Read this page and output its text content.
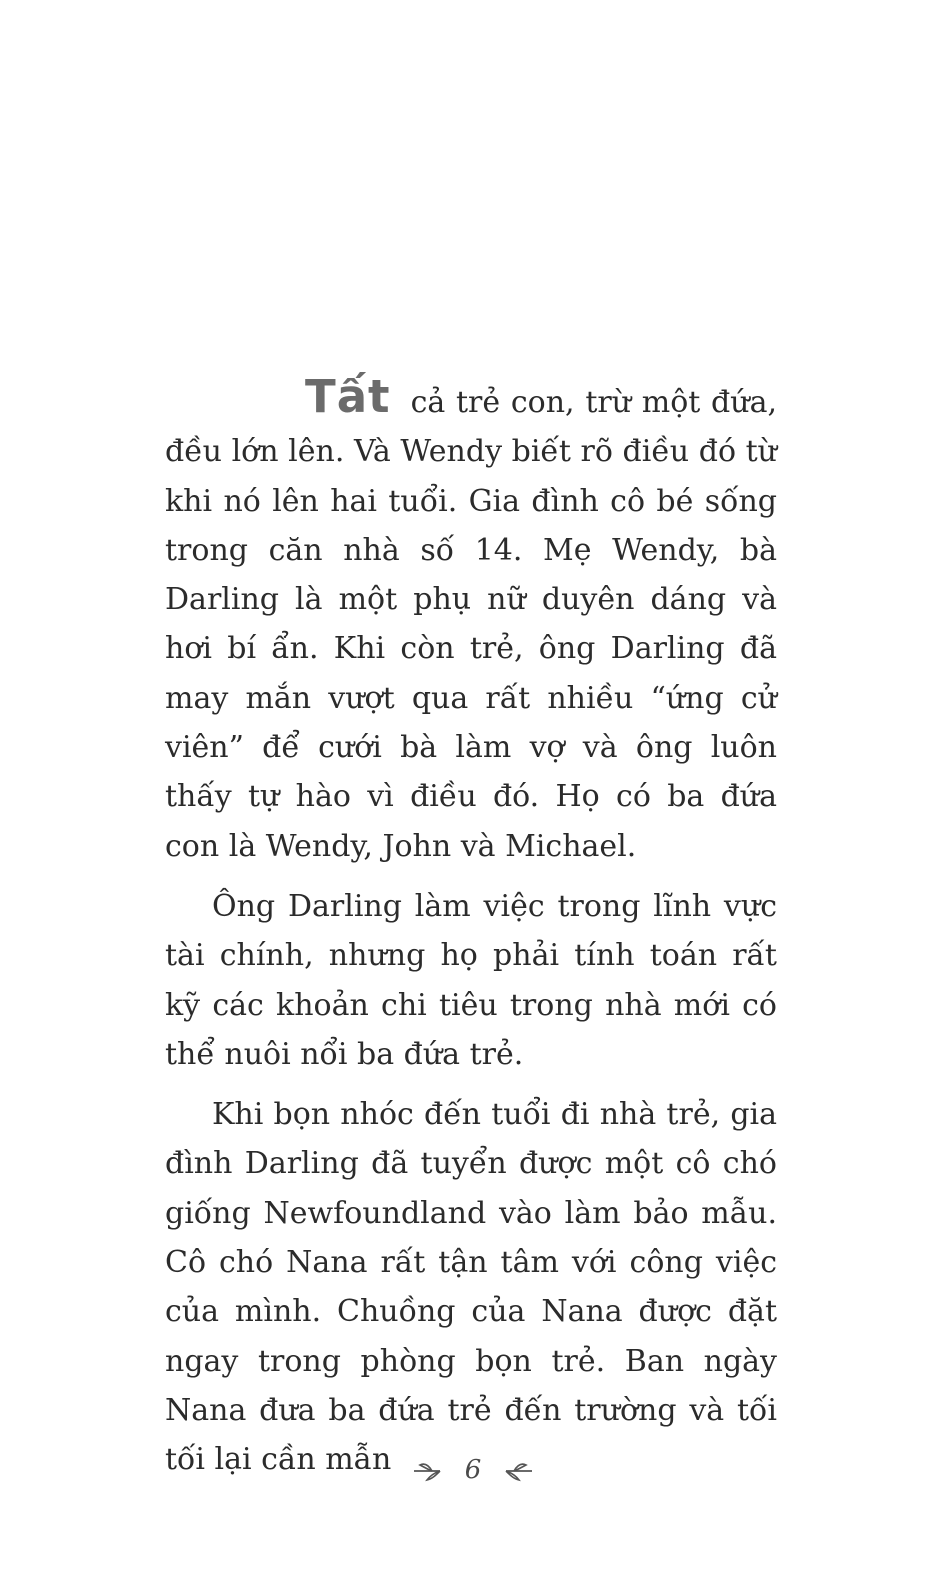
Tất cả trẻ con, trừ một đứa, đều lớn lên. Và Wendy biết rõ điều đó từ khi nó lên hai tuổi. Gia đình cô bé sống trong căn nhà số 14. Mẹ Wendy, bà Darling là một phụ nữ duyên dáng và hơi bí ẩn. Khi còn trẻ, ông Darling đã may mắn vượt qua rất nhiều “ứng cử viên” để cưới bà làm vợ và ông luôn thấy tự hào vì điều đó. Họ có ba đứa con là Wendy, John và Michael.

Ông Darling làm việc trong lĩnh vực tài chính, nhưng họ phải tính toán rất kỹ các khoản chi tiêu trong nhà mới có thể nuôi nổi ba đứa trẻ.

Khi bọn nhóc đến tuổi đi nhà trẻ, gia đình Darling đã tuyển được một cô chó giống Newfoundland vào làm bảo mẫu. Cô chó Nana rất tận tâm với công việc của mình. Chuồng của Nana được đặt ngay trong phòng bọn trẻ. Ban ngày Nana đưa ba đứa trẻ đến trường và tối tối lại cần mẫn	6
